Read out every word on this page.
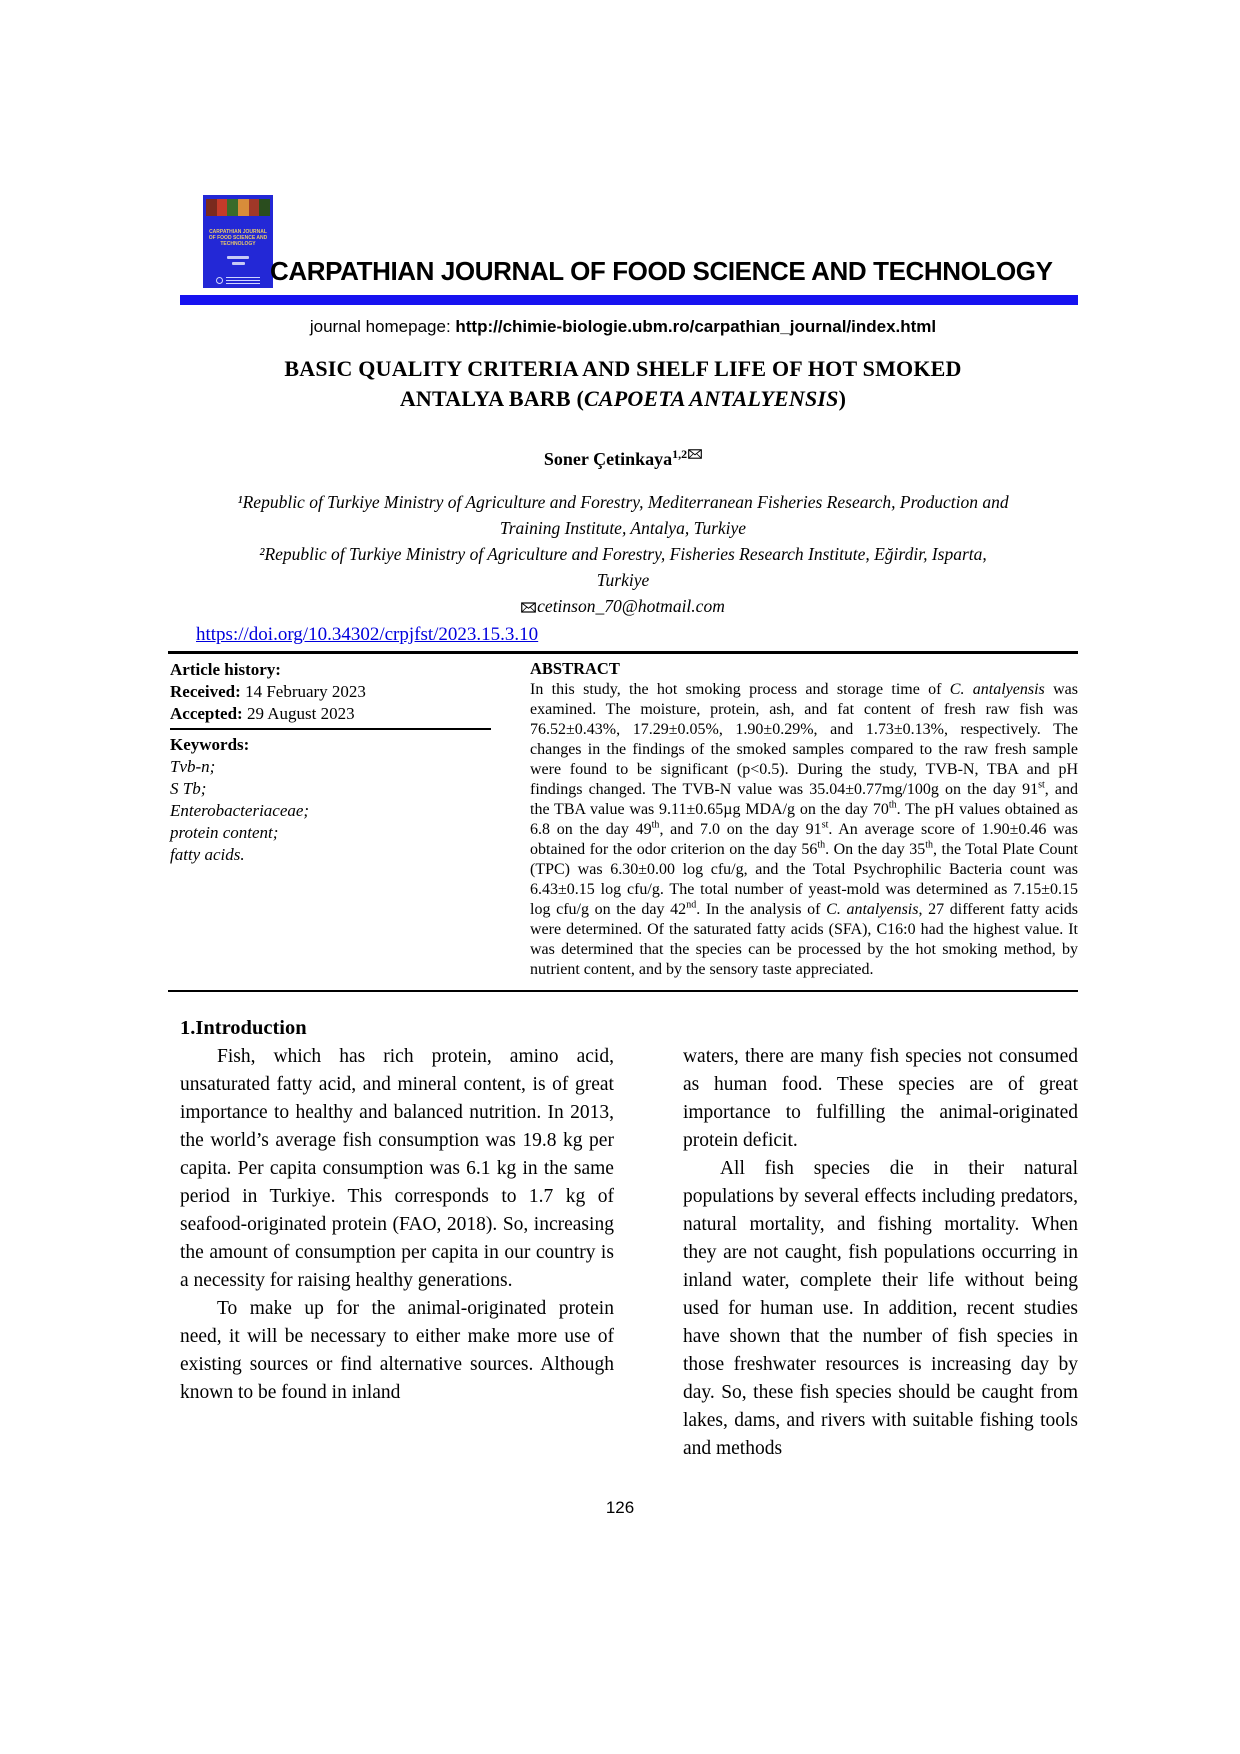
CARPATHIAN JOURNAL OF FOOD SCIENCE AND TECHNOLOGY
CARPATHIAN JOURNAL OF FOOD SCIENCE AND TECHNOLOGY

journal homepage: http://chimie-biologie.ubm.ro/carpathian_journal/index.html

BASIC QUALITY CRITERIA AND SHELF LIFE OF HOT SMOKED
ANTALYA BARB (CAPOETA ANTALYENSIS)

Soner Çetinkaya$^{1,2}$

¹Republic of Turkiye Ministry of Agriculture and Forestry, Mediterranean Fisheries Research, Production and
Training Institute, Antalya, Turkiye
²Republic of Turkiye Ministry of Agriculture and Forestry, Fisheries Research Institute, Eğirdir, Isparta,
Turkiye

cetinson_70@hotmail.com

https://doi.org/10.34302/crpjfst/2023.15.3.10

Article history:
Received: 14 February 2023
Accepted: 29 August 2023
Keywords:
Tvb-n;
S Tb;
Enterobacteriaceae;
protein content;
fatty acids.
ABSTRACT
In this study, the hot smoking process and storage time of C. antalyensis was examined. The moisture, protein, ash, and fat content of fresh raw fish was 76.52±0.43%, 17.29±0.05%, 1.90±0.29%, and 1.73±0.13%, respectively. The changes in the findings of the smoked samples compared to the raw fresh sample were found to be significant (p<0.5). During the study, TVB-N, TBA and pH findings changed. The TVB-N value was 35.04±0.77mg/100g on the day 91st, and the TBA value was 9.11±0.65µg MDA/g on the day 70th. The pH values obtained as 6.8 on the day 49th, and 7.0 on the day 91st. An average score of 1.90±0.46 was obtained for the odor criterion on the day 56th. On the day 35th, the Total Plate Count (TPC) was 6.30±0.00 log cfu/g, and the Total Psychrophilic Bacteria count was 6.43±0.15 log cfu/g. The total number of yeast-mold was determined as 7.15±0.15 log cfu/g on the day 42nd. In the analysis of C. antalyensis, 27 different fatty acids were determined. Of the saturated fatty acids (SFA), C16:0 had the highest value. It was determined that the species can be processed by the hot smoking method, by nutrient content, and by the sensory taste appreciated.
1.Introduction

Fish, which has rich protein, amino acid, unsaturated fatty acid, and mineral content, is of great importance to healthy and balanced nutrition. In 2013, the world’s average fish consumption was 19.8 kg per capita. Per capita consumption was 6.1 kg in the same period in Turkiye. This corresponds to 1.7 kg of seafood-originated protein (FAO, 2018). So, increasing the amount of consumption per capita in our country is a necessity for raising healthy generations.

To make up for the animal-originated protein need, it will be necessary to either make more use of existing sources or find alternative sources. Although known to be found in inland

waters, there are many fish species not consumed as human food. These species are of great importance to fulfilling the animal-originated protein deficit.

All fish species die in their natural populations by several effects including predators, natural mortality, and fishing mortality. When they are not caught, fish populations occurring in inland water, complete their life without being used for human use. In addition, recent studies have shown that the number of fish species in those freshwater resources is increasing day by day. So, these fish species should be caught from lakes, dams, and rivers with suitable fishing tools and methods

126
